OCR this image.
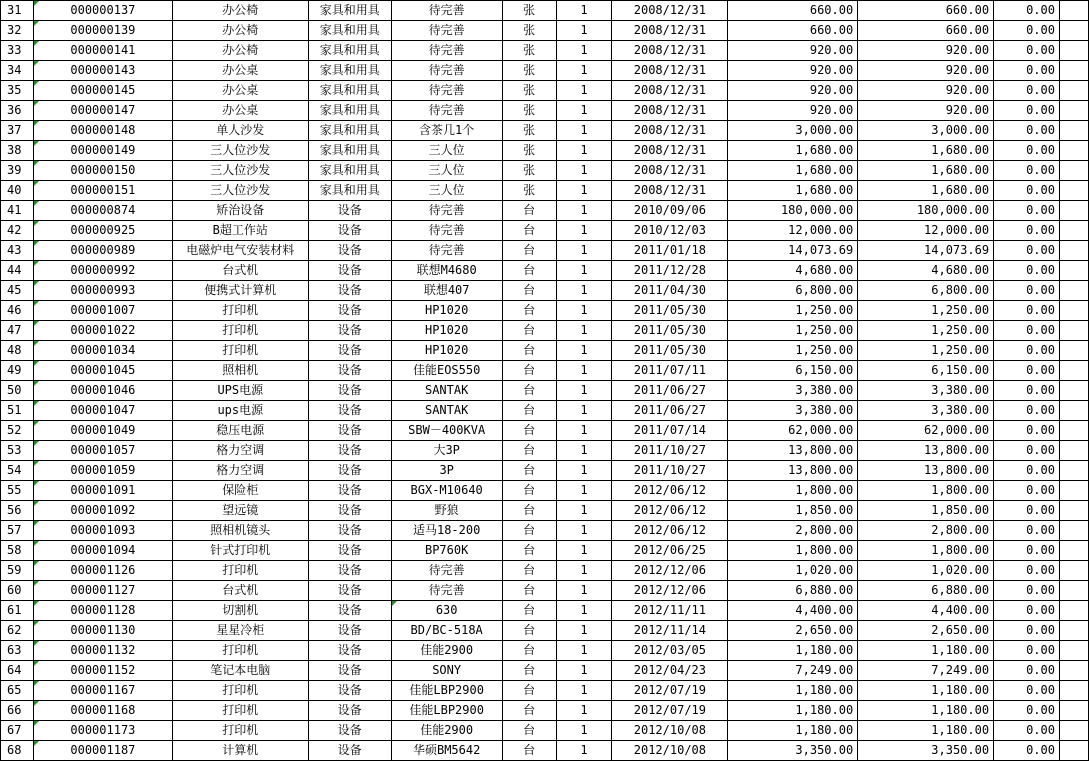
31	000000137	办公椅	家具和用具	待完善	张	1	2008/12/31	660.00	660.00	0.00	
32	000000139	办公椅	家具和用具	待完善	张	1	2008/12/31	660.00	660.00	0.00	
33	000000141	办公椅	家具和用具	待完善	张	1	2008/12/31	920.00	920.00	0.00	
34	000000143	办公桌	家具和用具	待完善	张	1	2008/12/31	920.00	920.00	0.00	
35	000000145	办公桌	家具和用具	待完善	张	1	2008/12/31	920.00	920.00	0.00	
36	000000147	办公桌	家具和用具	待完善	张	1	2008/12/31	920.00	920.00	0.00	
37	000000148	单人沙发	家具和用具	含茶几1个	张	1	2008/12/31	3,000.00	3,000.00	0.00	
38	000000149	三人位沙发	家具和用具	三人位	张	1	2008/12/31	1,680.00	1,680.00	0.00	
39	000000150	三人位沙发	家具和用具	三人位	张	1	2008/12/31	1,680.00	1,680.00	0.00	
40	000000151	三人位沙发	家具和用具	三人位	张	1	2008/12/31	1,680.00	1,680.00	0.00	
41	000000874	矫治设备	设备	待完善	台	1	2010/09/06	180,000.00	180,000.00	0.00	
42	000000925	B超工作站	设备	待完善	台	1	2010/12/03	12,000.00	12,000.00	0.00	
43	000000989	电磁炉电气安装材料	设备	待完善	台	1	2011/01/18	14,073.69	14,073.69	0.00	
44	000000992	台式机	设备	联想M4680	台	1	2011/12/28	4,680.00	4,680.00	0.00	
45	000000993	便携式计算机	设备	联想407	台	1	2011/04/30	6,800.00	6,800.00	0.00	
46	000001007	打印机	设备	HP1020	台	1	2011/05/30	1,250.00	1,250.00	0.00	
47	000001022	打印机	设备	HP1020	台	1	2011/05/30	1,250.00	1,250.00	0.00	
48	000001034	打印机	设备	HP1020	台	1	2011/05/30	1,250.00	1,250.00	0.00	
49	000001045	照相机	设备	佳能EOS550	台	1	2011/07/11	6,150.00	6,150.00	0.00	
50	000001046	UPS电源	设备	SANTAK	台	1	2011/06/27	3,380.00	3,380.00	0.00	
51	000001047	ups电源	设备	SANTAK	台	1	2011/06/27	3,380.00	3,380.00	0.00	
52	000001049	稳压电源	设备	SBW－400KVA	台	1	2011/07/14	62,000.00	62,000.00	0.00	
53	000001057	格力空调	设备	大3P	台	1	2011/10/27	13,800.00	13,800.00	0.00	
54	000001059	格力空调	设备	3P	台	1	2011/10/27	13,800.00	13,800.00	0.00	
55	000001091	保险柜	设备	BGX-M10640	台	1	2012/06/12	1,800.00	1,800.00	0.00	
56	000001092	望远镜	设备	野狼	台	1	2012/06/12	1,850.00	1,850.00	0.00	
57	000001093	照相机镜头	设备	适马18-200	台	1	2012/06/12	2,800.00	2,800.00	0.00	
58	000001094	针式打印机	设备	BP760K	台	1	2012/06/25	1,800.00	1,800.00	0.00	
59	000001126	打印机	设备	待完善	台	1	2012/12/06	1,020.00	1,020.00	0.00	
60	000001127	台式机	设备	待完善	台	1	2012/12/06	6,880.00	6,880.00	0.00	
61	000001128	切割机	设备	630	台	1	2012/11/11	4,400.00	4,400.00	0.00	
62	000001130	星星冷柜	设备	BD/BC-518A	台	1	2012/11/14	2,650.00	2,650.00	0.00	
63	000001132	打印机	设备	佳能2900	台	1	2012/03/05	1,180.00	1,180.00	0.00	
64	000001152	笔记本电脑	设备	SONY	台	1	2012/04/23	7,249.00	7,249.00	0.00	
65	000001167	打印机	设备	佳能LBP2900	台	1	2012/07/19	1,180.00	1,180.00	0.00	
66	000001168	打印机	设备	佳能LBP2900	台	1	2012/07/19	1,180.00	1,180.00	0.00	
67	000001173	打印机	设备	佳能2900	台	1	2012/10/08	1,180.00	1,180.00	0.00	
68	000001187	计算机	设备	华硕BM5642	台	1	2012/10/08	3,350.00	3,350.00	0.00	
